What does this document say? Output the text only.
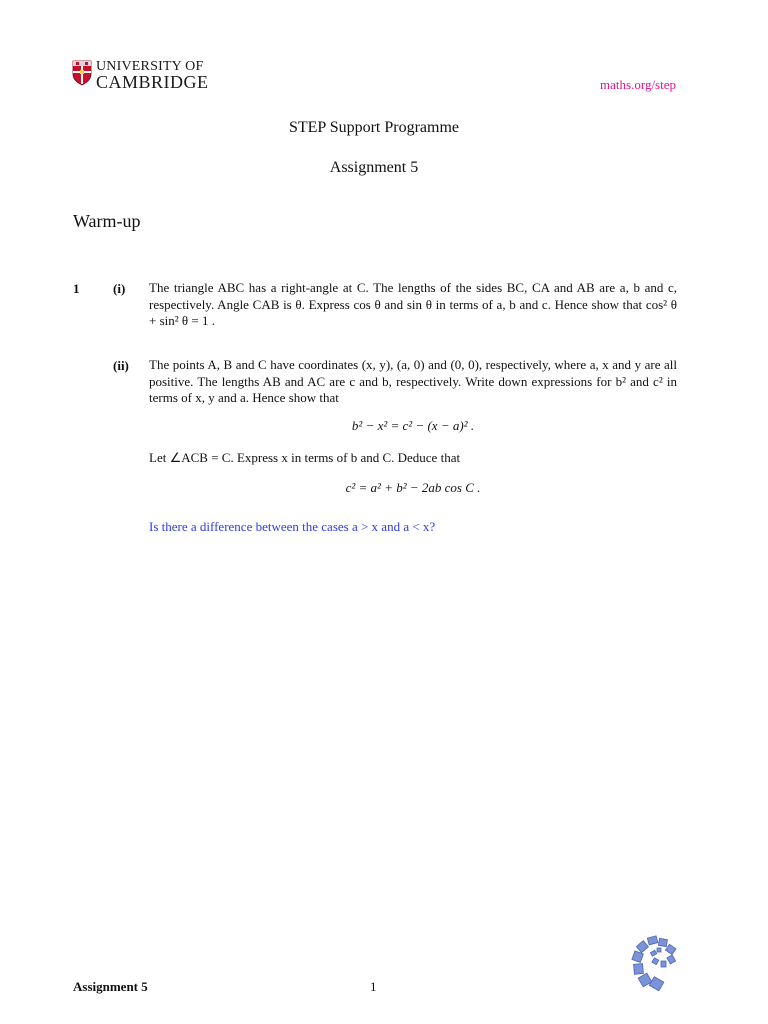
UNIVERSITY OF
CAMBRIDGE	maths.org/step
STEP Support Programme
Assignment 5
Warm-up
1	(i) The triangle ABC has a right-angle at C. The lengths of the sides BC, CA and AB are a, b and c, respectively. Angle CAB is θ. Express cos θ and sin θ in terms of a, b and c. Hence show that cos² θ + sin² θ = 1 .
(ii) The points A, B and C have coordinates (x, y), (a, 0) and (0, 0), respectively, where a, x and y are all positive. The lengths AB and AC are c and b, respectively. Write down expressions for b² and c² in terms of x, y and a. Hence show that
b² − x² = c² − (x − a)² .
Let ∠ACB = C. Express x in terms of b and C. Deduce that
c² = a² + b² − 2ab cos C .
Is there a difference between the cases a > x and a < x?
Assignment 5	1
